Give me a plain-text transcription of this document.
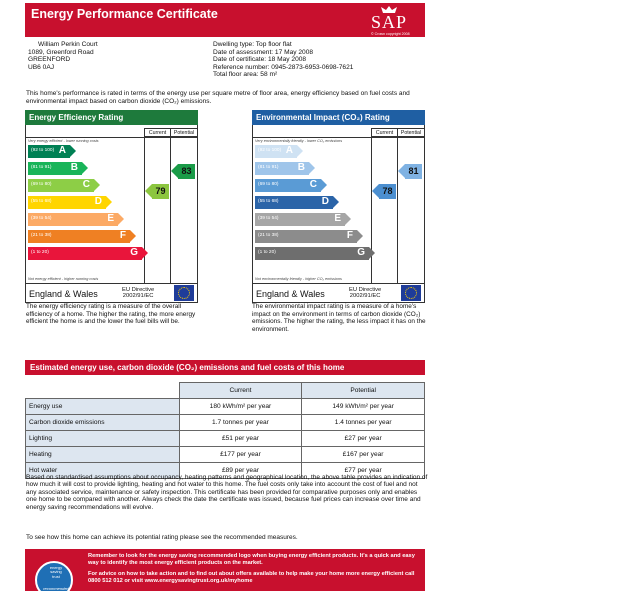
Energy Performance Certificate	SAP
© Crown copyright 2008
William Perkin Court
1089, Greenford Road
GREENFORD
UB6 0AJ
Dwelling type: Top floor flat
Date of assessment: 17 May 2008
Date of certificate: 18 May 2008
Reference number: 0945-2873-6953-0698-7621
Total floor area: 58 m²
This home's performance is rated in terms of the energy use per square metre of floor area, energy efficiency based on fuel costs and environmental impact based on carbon dioxide (CO₂) emissions.
Energy Efficiency Rating
Current	Potential
Very energy efficient - lower running costs
(92 to 100) A
(81 to 91) B
(69 to 80)	C
(55 to 68)	D
(39 to 54)	E
(21 to 38)	F
(1 to 20)	G
Not energy efficient - higher running costs
79
83
England & Wales	EU Directive
2002/91/EC
The energy efficiency rating is a measure of the overall efficiency of a home. The higher the rating, the more energy efficient the home is and the lower the fuel bills will be.
Environmental Impact (CO₂) Rating
Current	Potential
Very environmentally friendly - lower CO₂ emissions
(92 to 100) A
(81 to 91) B
(69 to 80)	C
(55 to 68)	D
(39 to 54)	E
(21 to 38)	F
(1 to 20)	G
Not environmentally friendly - higher CO₂ emissions
78
81
England & Wales	EU Directive
2002/91/EC
The environmental impact rating is a measure of a home's impact on the environment in terms of carbon dioxide (CO₂) emissions. The higher the rating, the less impact it has on the environment.
Estimated energy use, carbon dioxide (CO₂) emissions and fuel costs of this home
	Current	Potential
Energy use	180 kWh/m² per year	149 kWh/m² per year
Carbon dioxide emissions	1.7 tonnes per year	1.4 tonnes per year
Lighting	£51 per year	£27 per year
Heating	£177 per year	£167 per year
Hot water	£89 per year	£77 per year
Based on standardised assumptions about occupancy, heating patterns and geographical location, the above table provides an indication of how much it will cost to provide lighting, heating and hot water to this home. The fuel costs only take into account the cost of fuel and not any associated service, maintenance or safety inspection. This certificate has been provided for comparative purposes only and enables one home to be compared with another. Always check the date the certificate was issued, because fuel prices can increase over time and energy saving recommendations will evolve.
To see how this home can achieve its potential rating please see the recommended measures.
energy saving trust
recommended

Remember to look for the energy saving recommended logo when buying energy efficient products. It's a quick and easy way to identify the most energy efficient products on the market.

For advice on how to take action and to find out about offers available to help make your home more energy efficient call 0800 512 012 or visit www.energysavingtrust.org.uk/myhome
